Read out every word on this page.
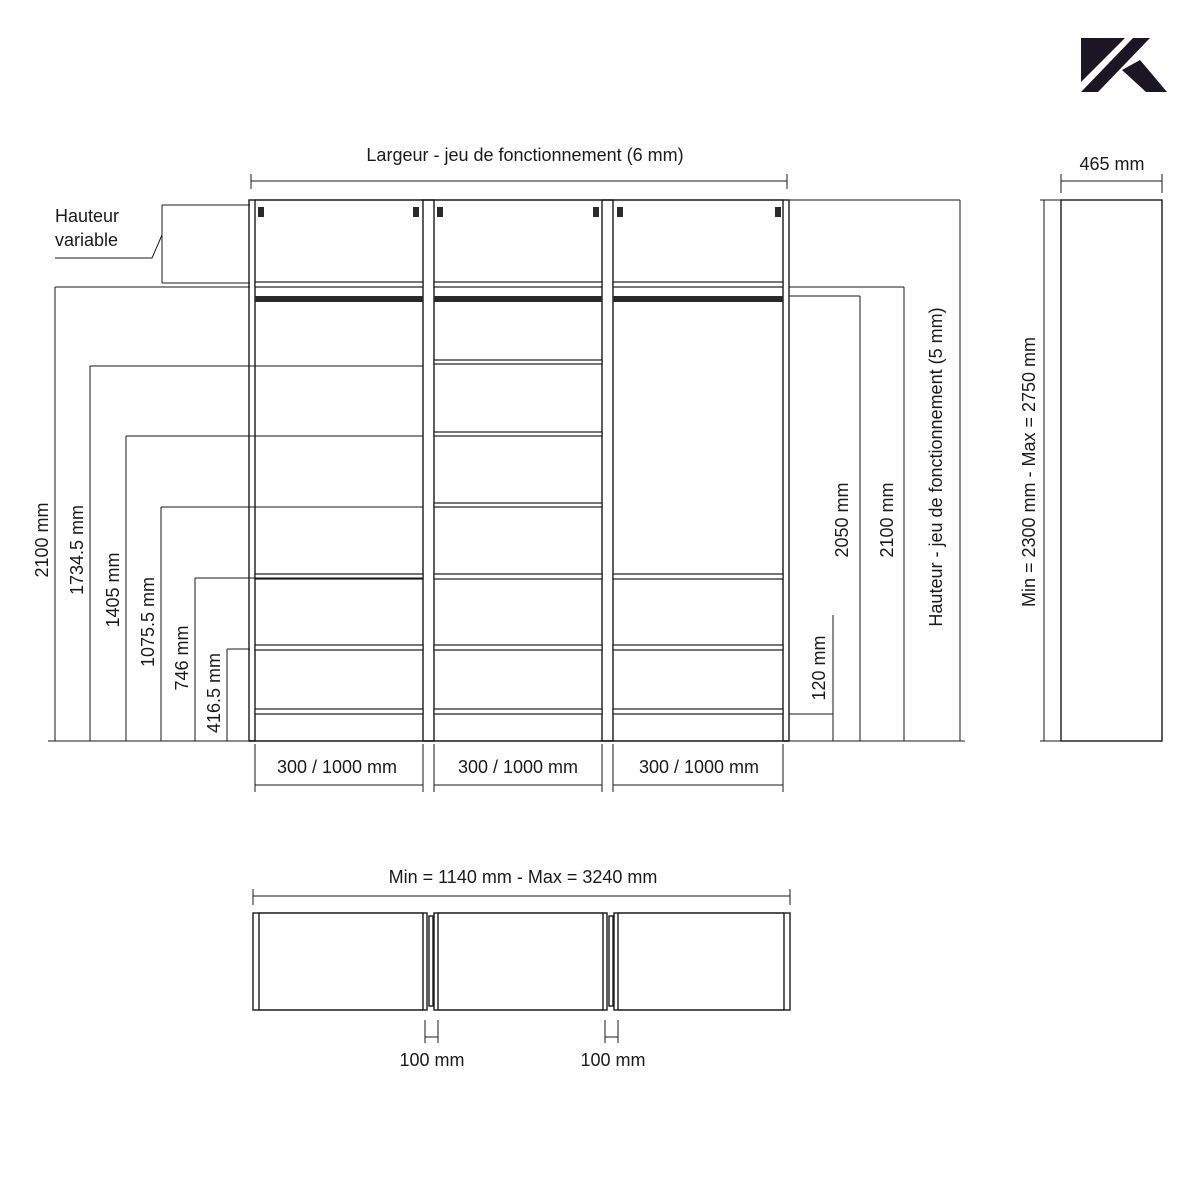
Largeur - jeu de fonctionnement (6 mm)
Hauteur
variable
2100 mm 1734.5 mm 1405 mm 1075.5 mm 746 mm 416.5 mm	120 mm
2050 mm 2100 mm Hauteur - jeu de fonctionnement (5 mm)
300 / 1000 mm	300 / 1000 mm	300 / 1000 mm
465 mm
Min = 2300 mm - Max = 2750 mm
Min = 1140 mm - Max = 3240 mm
100 mm	100 mm
